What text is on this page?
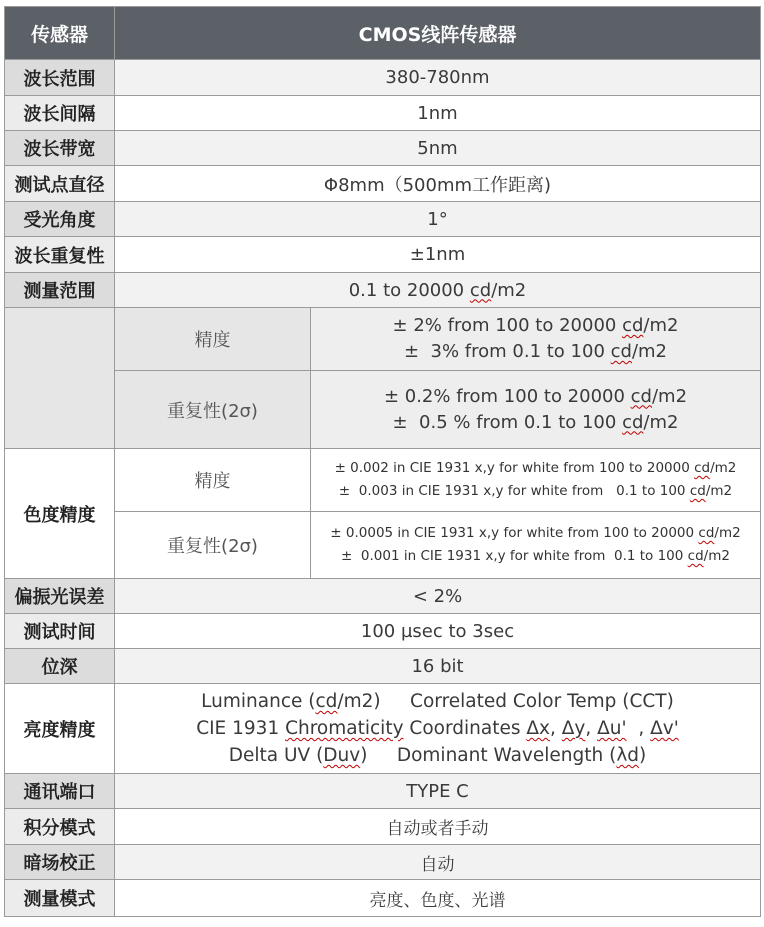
传感器	CMOS线阵传感器	
波长范围	380-780nm	
波长间隔	1nm	
波长带宽	5nm	
测试点直径	Φ8mm（500mm工作距离)	
受光角度	1°	
波长重复性	±1nm	
测量范围	0.1 to 20000 cd/m2	
	精度	± 2% from 100 to 20000 cd/m2
±  3% from 0.1 to 100 cd/m2

	重复性(2σ)	± 0.2% from 100 to 20000 cd/m2
±  0.5 % from 0.1 to 100 cd/m2

色度精度	精度	± 0.002 in CIE 1931 x,y for white from 100 to 20000 cd/m2
±  0.003 in CIE 1931 x,y for white from   0.1 to 100 cd/m2

	重复性(2σ)	± 0.0005 in CIE 1931 x,y for white from 100 to 20000 cd/m2
±  0.001 in CIE 1931 x,y for white from  0.1 to 100 cd/m2

偏振光误差	< 2%	
测试时间	100 µsec to 3sec	
位深	16 bit	
亮度精度	Luminance (cd/m2)     Correlated Color Temp (CCT)
CIE 1931 Chromaticity Coordinates Δx, Δy, Δu'  , Δv'
Delta UV (Duv)     Dominant Wavelength (λd)	

通讯端口	TYPE C	
积分模式	自动或者手动	
暗场校正	自动	
测量模式	亮度、色度、光谱	
